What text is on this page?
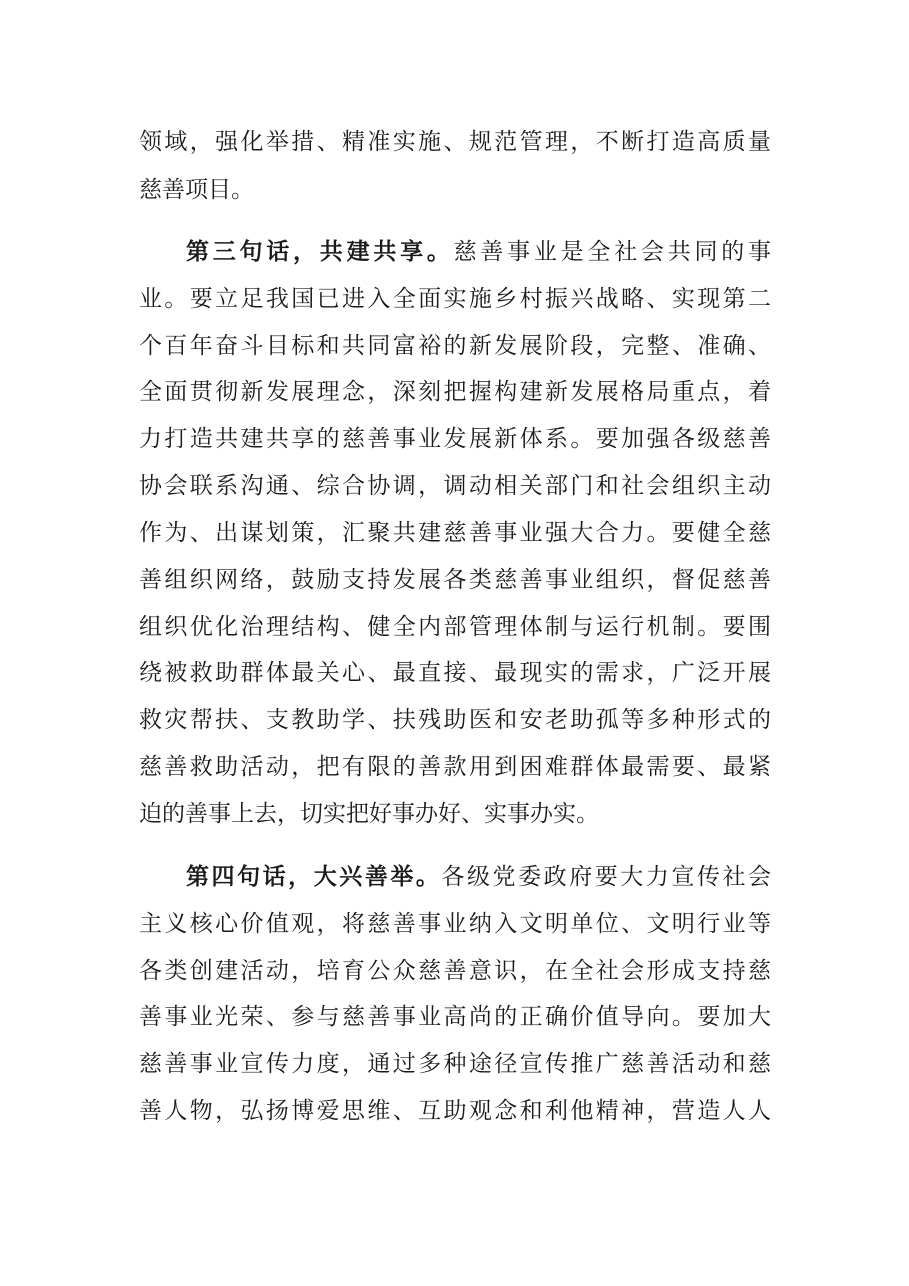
领域，强化举措、精准实施、规范管理，不断打造高质量
慈善项目。
第三句话，共建共享。慈善事业是全社会共同的事
业。要立足我国已进入全面实施乡村振兴战略、实现第二
个百年奋斗目标和共同富裕的新发展阶段，完整、准确、
全面贯彻新发展理念，深刻把握构建新发展格局重点，着
力打造共建共享的慈善事业发展新体系。要加强各级慈善
协会联系沟通、综合协调，调动相关部门和社会组织主动
作为、出谋划策，汇聚共建慈善事业强大合力。要健全慈
善组织网络，鼓励支持发展各类慈善事业组织，督促慈善
组织优化治理结构、健全内部管理体制与运行机制。要围
绕被救助群体最关心、最直接、最现实的需求，广泛开展
救灾帮扶、支教助学、扶残助医和安老助孤等多种形式的
慈善救助活动，把有限的善款用到困难群体最需要、最紧
迫的善事上去，切实把好事办好、实事办实。
第四句话，大兴善举。各级党委政府要大力宣传社会
主义核心价值观，将慈善事业纳入文明单位、文明行业等
各类创建活动，培育公众慈善意识，在全社会形成支持慈
善事业光荣、参与慈善事业高尚的正确价值导向。要加大
慈善事业宣传力度，通过多种途径宣传推广慈善活动和慈
善人物，弘扬博爱思维、互助观念和利他精神，营造人人
